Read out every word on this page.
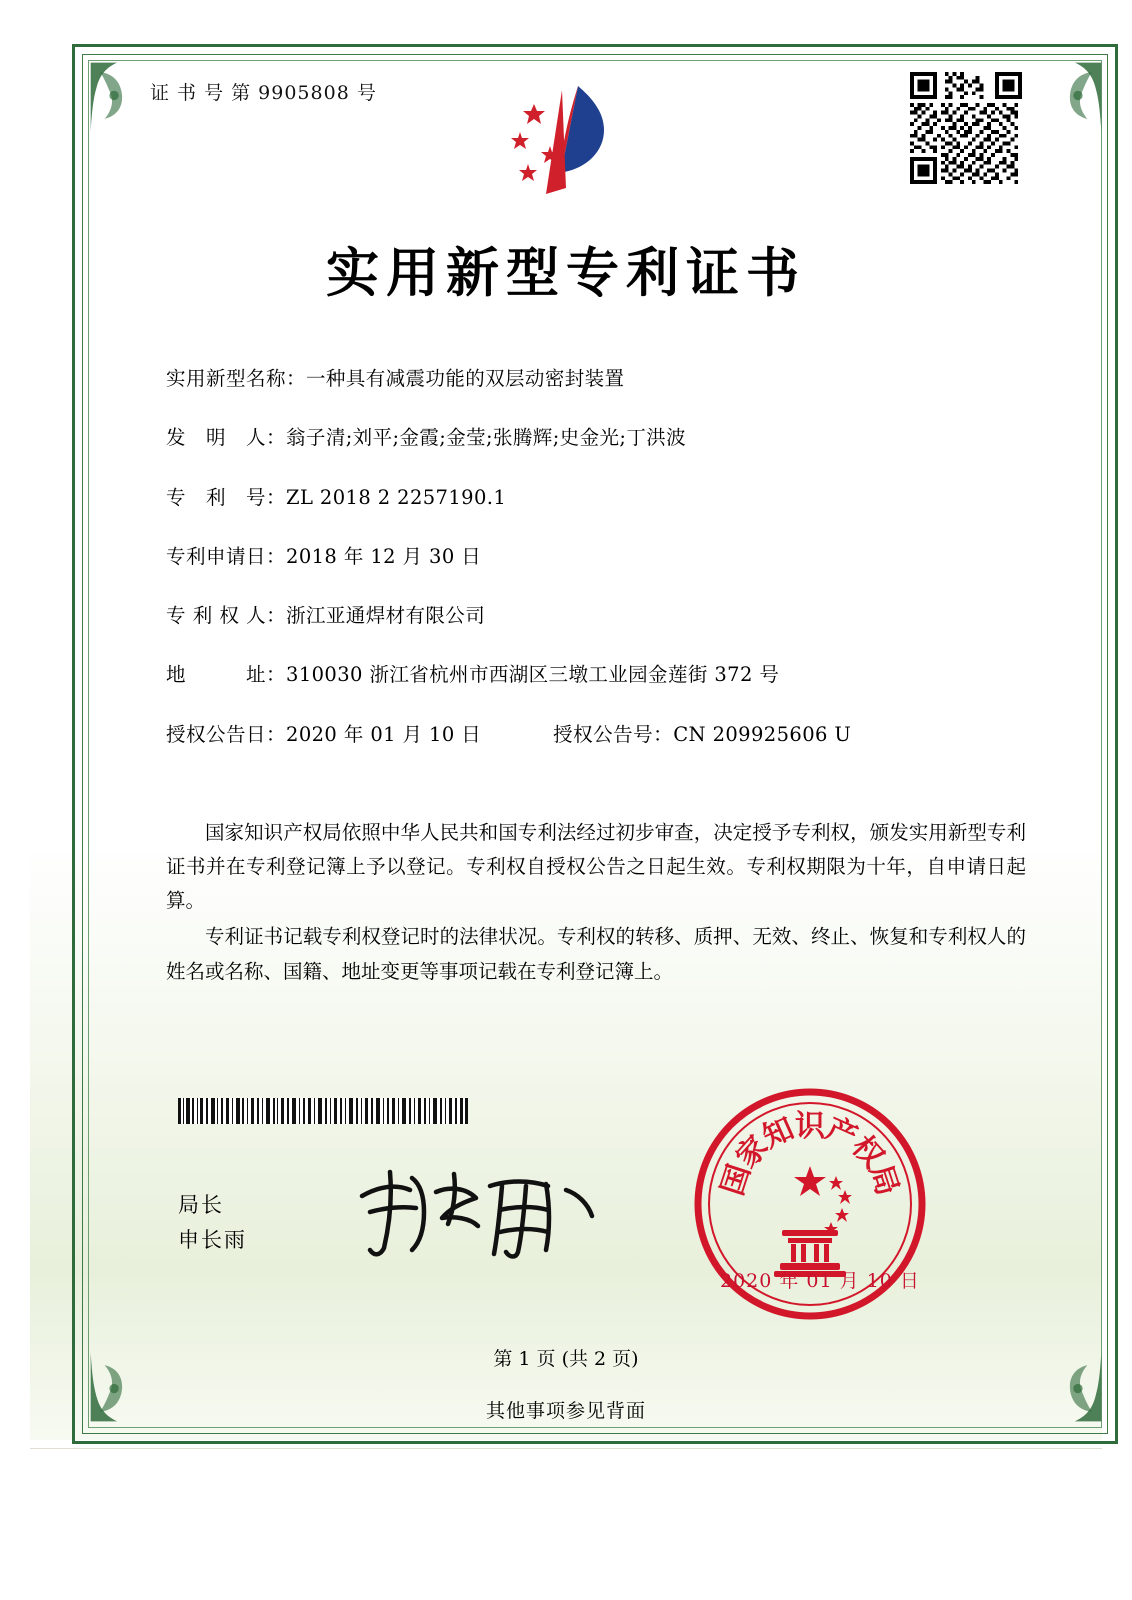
证 书 号 第 9905808 号
实用新型专利证书
实用新型名称： 一种具有减震功能的双层动密封装置
发　明　人： 翁子清;刘平;金霞;金莹;张腾辉;史金光;丁洪波
专　利　号： ZL 2018 2 2257190.1
专利申请日： 2018 年 12 月 30 日
专 利 权 人： 浙江亚通焊材有限公司
地　　　址： 310030 浙江省杭州市西湖区三墩工业园金莲街 372 号
授权公告日： 2020 年 01 月 10 日	授权公告号： CN 209925606 U

国家知识产权局依照中华人民共和国专利法经过初步审查，决定授予专利权，颁发实用新型专利证书并在专利登记簿上予以登记。专利权自授权公告之日起生效。专利权期限为十年，自申请日起算。

专利证书记载专利权登记时的法律状况。专利权的转移、质押、无效、终止、恢复和专利权人的姓名或名称、国籍、地址变更等事项记载在专利登记簿上。

局长
申长雨
国
家
知
识
产
权
局
2020 年 01 月 10 日
第 1 页 (共 2 页)
其他事项参见背面
